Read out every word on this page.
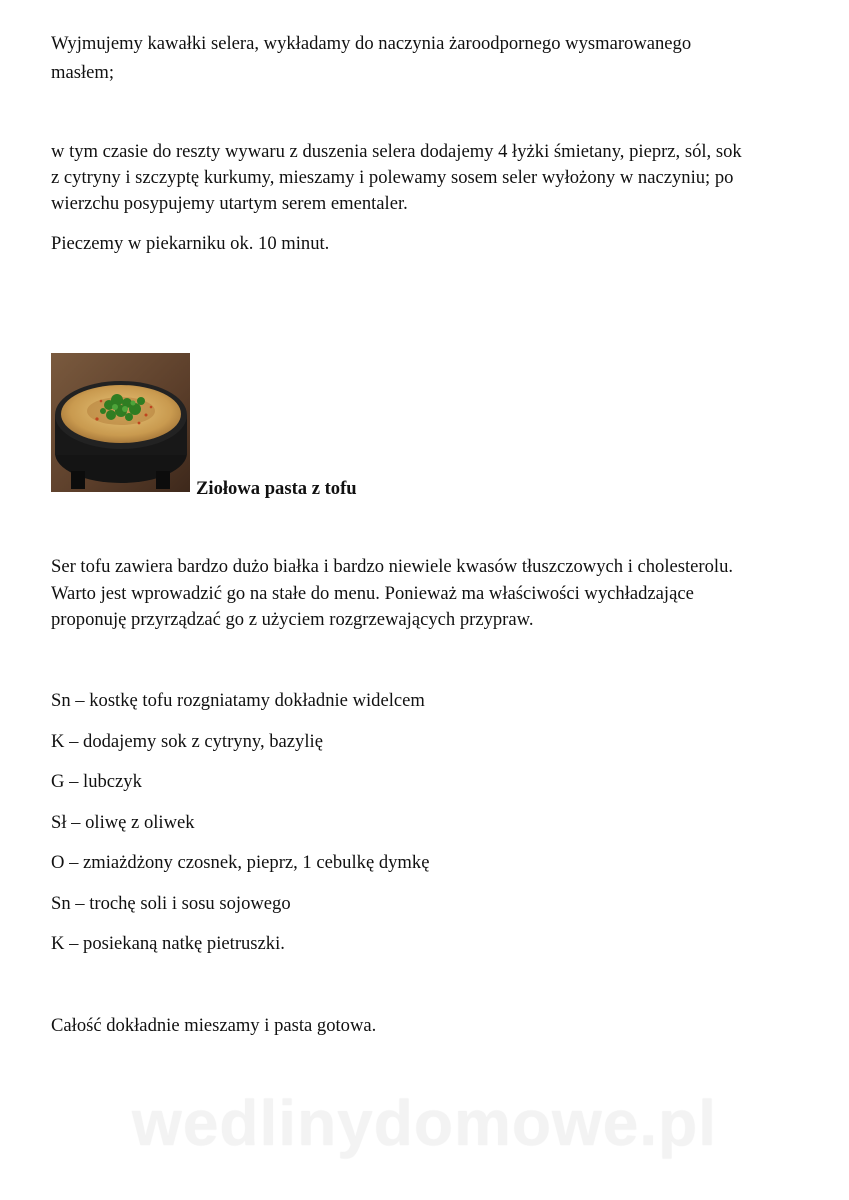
Wyjmujemy kawałki selera, wykładamy do naczynia żaroodpornego wysmarowanego

masłem;

w tym czasie do reszty wywaru z duszenia selera dodajemy 4 łyżki śmietany, pieprz, sól, sok

z cytryny i szczyptę kurkumy, mieszamy i polewamy sosem seler wyłożony w naczyniu; po

wierzchu posypujemy utartym serem ementaler.

Pieczemy w piekarniku ok. 10 minut.

Ziołowa pasta z tofu

Ser tofu zawiera bardzo dużo białka i bardzo niewiele kwasów tłuszczowych i cholesterolu.

Warto jest wprowadzić go na stałe do menu. Ponieważ ma właściwości wychładzające

proponuję przyrządzać go z użyciem rozgrzewających przypraw.

Sn – kostkę tofu rozgniatamy dokładnie widelcem

K – dodajemy sok z cytryny, bazylię

G – lubczyk

Sł – oliwę z oliwek

O – zmiażdżony czosnek, pieprz, 1 cebulkę dymkę

Sn – trochę soli i sosu sojowego

K – posiekaną natkę pietruszki.

Całość dokładnie mieszamy i pasta gotowa.

wedlinydomowe.pl
